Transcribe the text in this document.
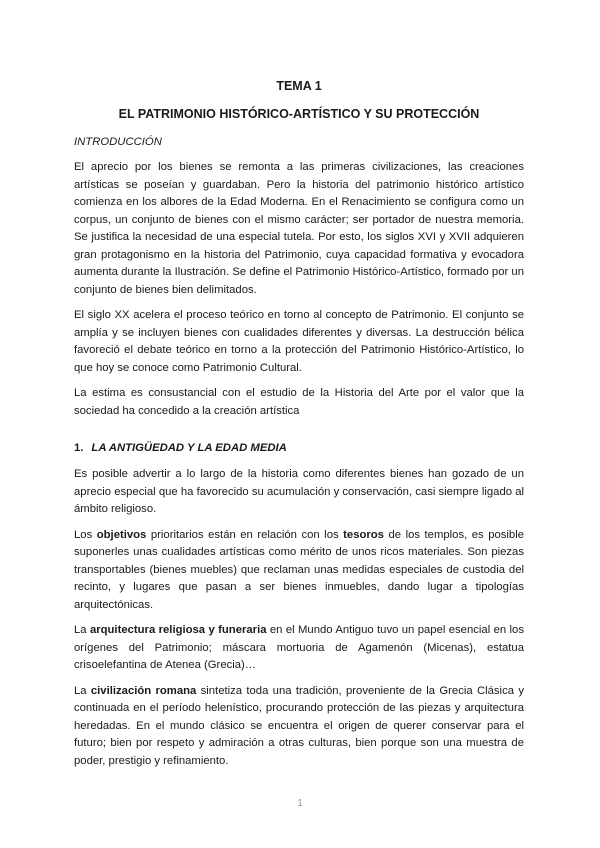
TEMA 1
EL PATRIMONIO HISTÓRICO-ARTÍSTICO Y SU PROTECCIÓN
INTRODUCCIÓN

El aprecio por los bienes se remonta a las primeras civilizaciones, las creaciones artísticas se poseían y guardaban. Pero la historia del patrimonio histórico artístico comienza en los albores de la Edad Moderna. En el Renacimiento se configura como un corpus, un conjunto de bienes con el mismo carácter; ser portador de nuestra memoria. Se justifica la necesidad de una especial tutela. Por esto, los siglos XVI y XVII adquieren gran protagonismo en la historia del Patrimonio, cuya capacidad formativa y evocadora aumenta durante la Ilustración. Se define el Patrimonio Histórico-Artístico, formado por un conjunto de bienes bien delimitados.

El siglo XX acelera el proceso teórico en torno al concepto de Patrimonio. El conjunto se amplía y se incluyen bienes con cualidades diferentes y diversas. La destrucción bélica favoreció el debate teórico en torno a la protección del Patrimonio Histórico-Artístico, lo que hoy se conoce como Patrimonio Cultural.

La estima es consustancial con el estudio de la Historia del Arte por el valor que la sociedad ha concedido a la creación artística

1. LA ANTIGÜEDAD Y LA EDAD MEDIA

Es posible advertir a lo largo de la historia como diferentes bienes han gozado de un aprecio especial que ha favorecido su acumulación y conservación, casi siempre ligado al ámbito religioso.

Los objetivos prioritarios están en relación con los tesoros de los templos, es posible suponerles unas cualidades artísticas como mérito de unos ricos materiales. Son piezas transportables (bienes muebles) que reclaman unas medidas especiales de custodia del recinto, y lugares que pasan a ser bienes inmuebles, dando lugar a tipologías arquitectónicas.

La arquitectura religiosa y funeraria en el Mundo Antiguo tuvo un papel esencial en los orígenes del Patrimonio; máscara mortuoria de Agamenón (Micenas), estatua crisoelefantina de Atenea (Grecia)…

La civilización romana sintetiza toda una tradición, proveniente de la Grecia Clásica y continuada en el período helenístico, procurando protección de las piezas y arquitectura heredadas. En el mundo clásico se encuentra el origen de querer conservar para el futuro; bien por respeto y admiración a otras culturas, bien porque son una muestra de poder, prestigio y refinamiento.

1
